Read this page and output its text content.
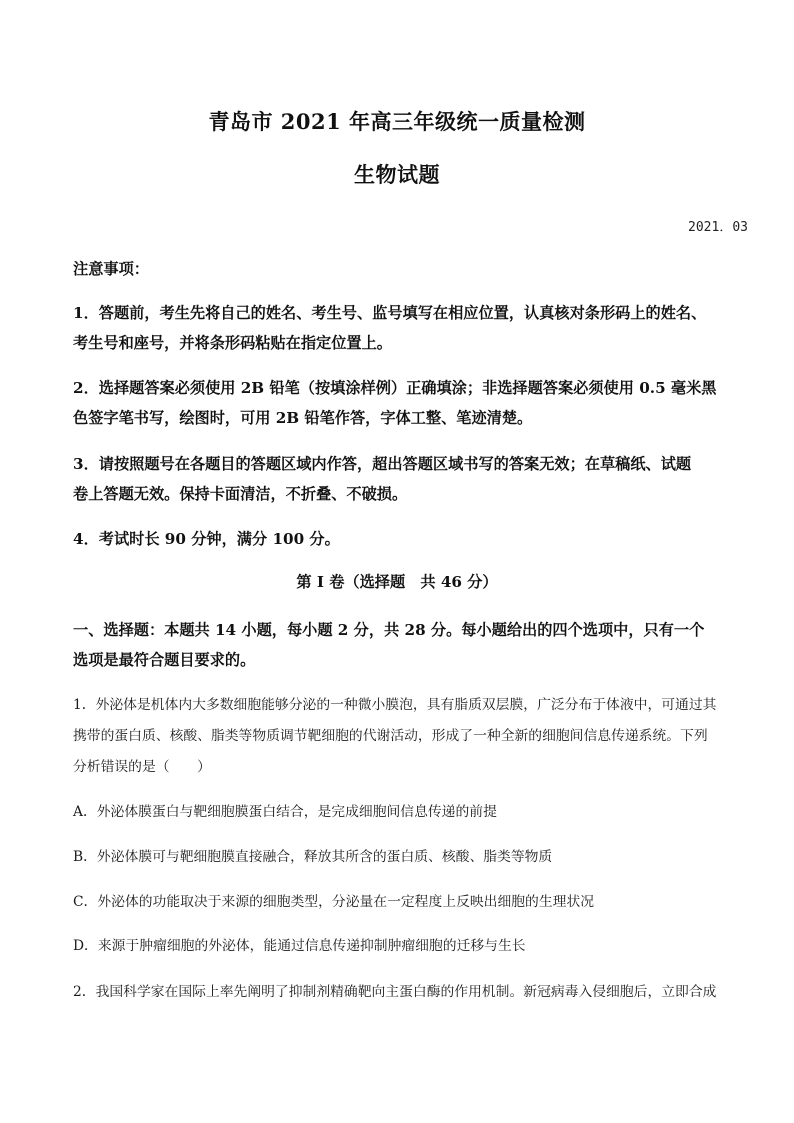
青岛市 2021 年高三年级统一质量检测
生物试题
2021．03
注意事项：
1．答题前，考生先将自己的姓名、考生号、监号填写在相应位置，认真核对条形码上的姓名、
考生号和座号，并将条形码粘贴在指定位置上。
2．选择题答案必须使用 2B 铅笔（按填涂样例）正确填涂；非选择题答案必须使用 0.5 毫米黑
色签字笔书写，绘图时，可用 2B 铅笔作答，字体工整、笔迹清楚。
3．请按照题号在各题目的答题区域内作答，超出答题区域书写的答案无效；在草稿纸、试题
卷上答题无效。保持卡面清洁，不折叠、不破损。
4．考试时长 90 分钟，满分 100 分。
第 I 卷（选择题　共 46 分）
一、选择题：本题共 14 小题，每小题 2 分，共 28 分。每小题给出的四个选项中，只有一个
选项是最符合题目要求的。
1．外泌体是机体内大多数细胞能够分泌的一种微小膜泡，具有脂质双层膜，广泛分布于体液中，可通过其
携带的蛋白质、核酸、脂类等物质调节靶细胞的代谢活动，形成了一种全新的细胞间信息传递系统。下列
分析错误的是（　　）
A．外泌体膜蛋白与靶细胞膜蛋白结合，是完成细胞间信息传递的前提
B．外泌体膜可与靶细胞膜直接融合，释放其所含的蛋白质、核酸、脂类等物质
C．外泌体的功能取决于来源的细胞类型，分泌量在一定程度上反映出细胞的生理状况
D．来源于肿瘤细胞的外泌体，能通过信息传递抑制肿瘤细胞的迁移与生长
2．我国科学家在国际上率先阐明了抑制剂精确靶向主蛋白酶的作用机制。新冠病毒入侵细胞后，立即合成
